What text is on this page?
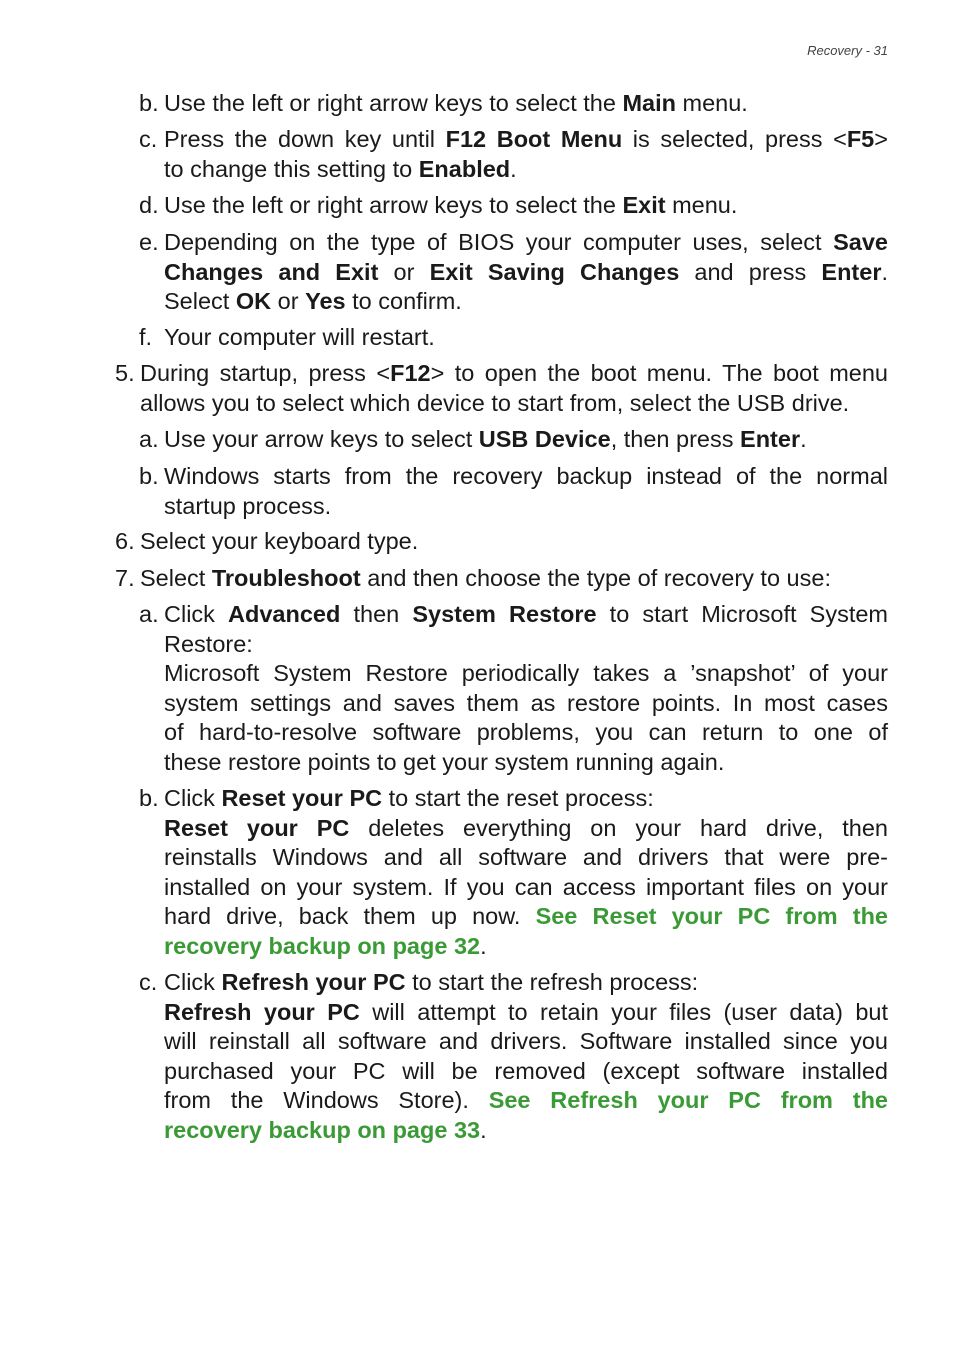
Recovery - 31
b. Use the left or right arrow keys to select the Main menu.
c. Press the down key until F12 Boot Menu is selected, press <F5>
to change this setting to Enabled.
d. Use the left or right arrow keys to select the Exit menu.
e. Depending on the type of BIOS your computer uses, select Save
Changes and Exit or Exit Saving Changes and press Enter.
Select OK or Yes to confirm.
f. Your computer will restart.
5. During startup, press <F12> to open the boot menu. The boot menu
allows you to select which device to start from, select the USB drive.
a. Use your arrow keys to select USB Device, then press Enter.
b. Windows starts from the recovery backup instead of the normal
startup process.
6. Select your keyboard type.
7. Select Troubleshoot and then choose the type of recovery to use:
a. Click Advanced then System Restore to start Microsoft System
Restore:
Microsoft System Restore periodically takes a ’snapshot’ of your
system settings and saves them as restore points. In most cases
of hard-to-resolve software problems, you can return to one of
these restore points to get your system running again.
b. Click Reset your PC to start the reset process:
Reset your PC deletes everything on your hard drive, then
reinstalls Windows and all software and drivers that were pre-
installed on your system. If you can access important files on your
hard drive, back them up now. See Reset your PC from the
recovery backup on page 32.
c. Click Refresh your PC to start the refresh process:
Refresh your PC will attempt to retain your files (user data) but
will reinstall all software and drivers. Software installed since you
purchased your PC will be removed (except software installed
from the Windows Store). See Refresh your PC from the
recovery backup on page 33.
